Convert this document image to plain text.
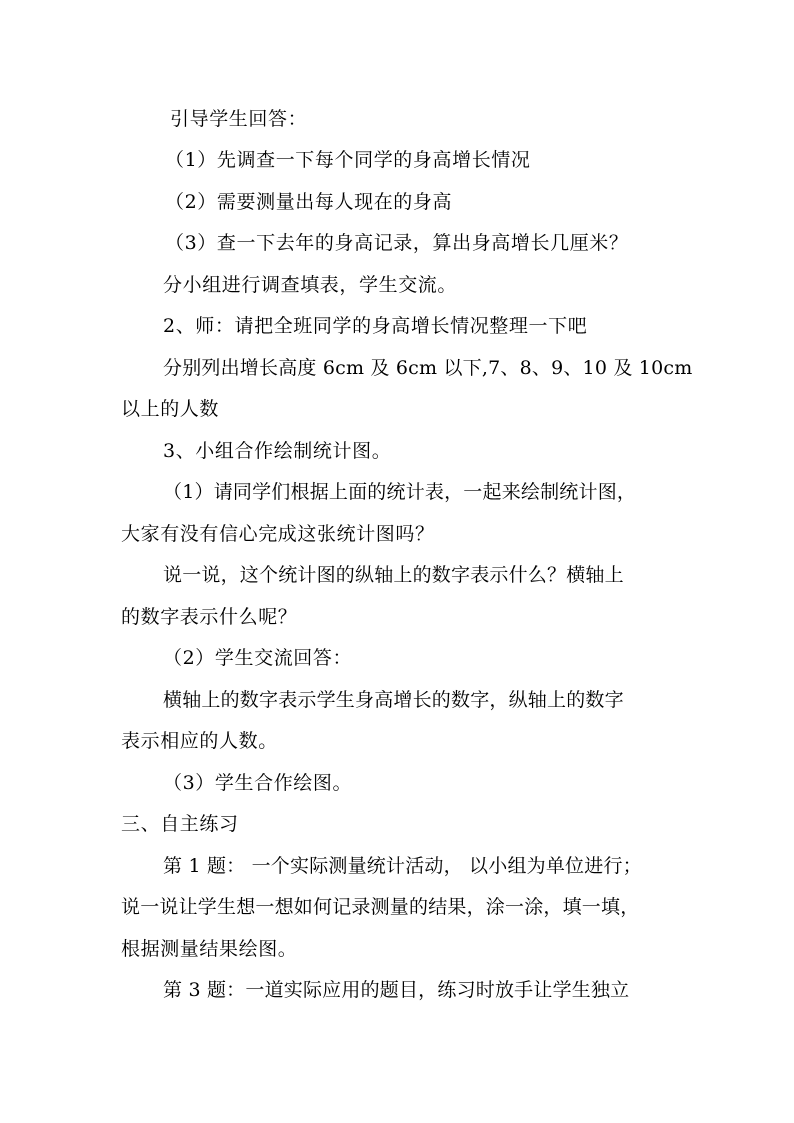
引导学生回答：
（1）先调查一下每个同学的身高增长情况
（2）需要测量出每人现在的身高
（3）查一下去年的身高记录，算出身高增长几厘米？
分小组进行调查填表，学生交流。
2、师：请把全班同学的身高增长情况整理一下吧
分别列出增长高度 6cm 及 6cm 以下,7、8、9、10 及 10cm
以上的人数
3、小组合作绘制统计图。
（1）请同学们根据上面的统计表，一起来绘制统计图，
大家有没有信心完成这张统计图吗？
说一说，这个统计图的纵轴上的数字表示什么？横轴上
的数字表示什么呢？
（2）学生交流回答：
横轴上的数字表示学生身高增长的数字，纵轴上的数字
表示相应的人数。
（3）学生合作绘图。
三、自主练习
第 1 题： 一个实际测量统计活动， 以小组为单位进行；
说一说让学生想一想如何记录测量的结果，涂一涂，填一填，
根据测量结果绘图。
第 3 题：一道实际应用的题目，练习时放手让学生独立
